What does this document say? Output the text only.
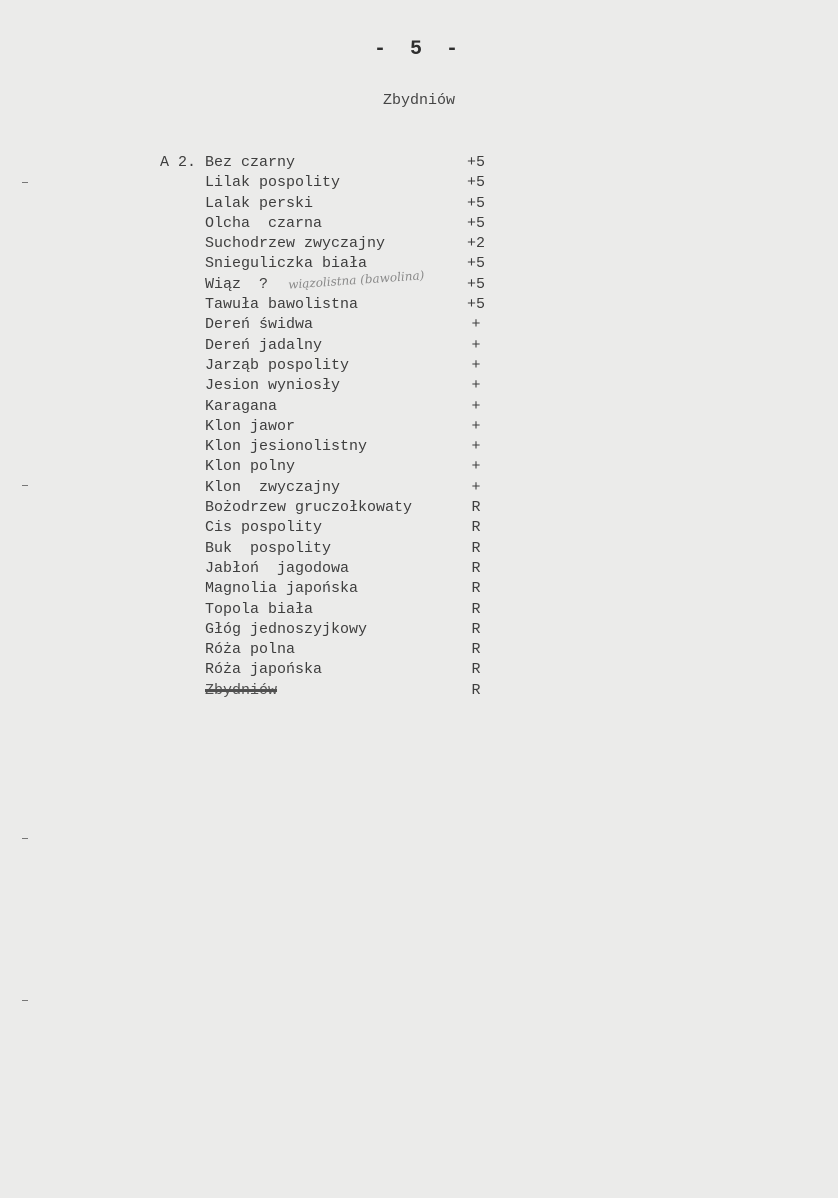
- 5 -
Zbydniów
A 2. Bez czarny	+5
Lilak pospolity	+5
Lalak perski	+5
Olcha  czarna	+5
Suchodrzew zwyczajny	+2
Snieguliczka biała	+5
Wiąz  ?	+5
Tawuła bawolistna	+5
Dereń świdwa	+
Dereń jadalny	+
Jarząb pospolity	+
Jesion wyniosły	+
Karagana	+
Klon jawor	+
Klon jesionolistny	+
Klon polny	+
Klon  zwyczajny	+
Bożodrzew gruczołkowaty	R
Cis pospolity	R
Buk  pospolity	R
Jabłoń  jagodowa	R
Magnolia japońska	R
Topola biała	R
Głóg jednoszyjkowy	R
Róża polna	R
Róża japońska	R
Zbydniów	R
wiązolistna (bawolina)
